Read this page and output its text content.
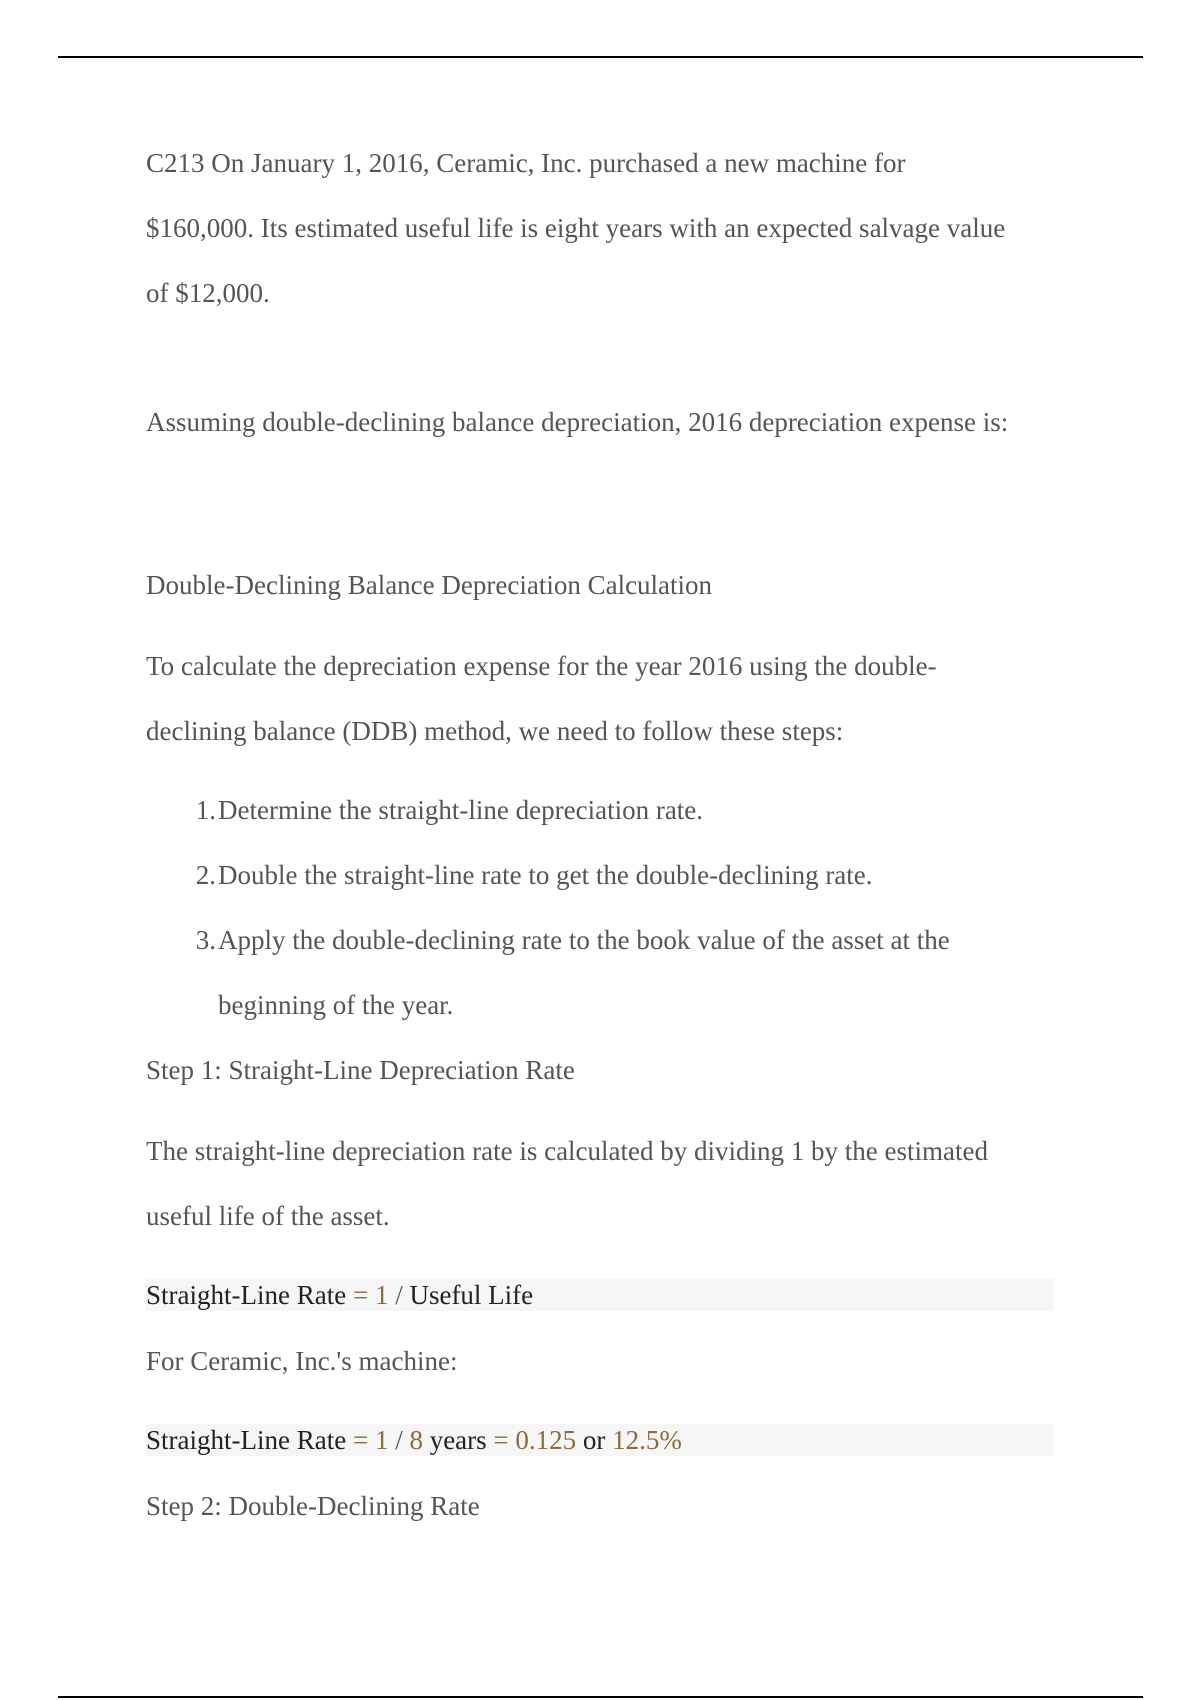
C213 On January 1, 2016, Ceramic, Inc. purchased a new machine for
$160,000. Its estimated useful life is eight years with an expected salvage value
of $12,000.
Assuming double-declining balance depreciation, 2016 depreciation expense is:
Double-Declining Balance Depreciation Calculation
To calculate the depreciation expense for the year 2016 using the double-
declining balance (DDB) method, we need to follow these steps:
1. Determine the straight-line depreciation rate.
2. Double the straight-line rate to get the double-declining rate.
3. Apply the double-declining rate to the book value of the asset at the
beginning of the year.
Step 1: Straight-Line Depreciation Rate
The straight-line depreciation rate is calculated by dividing 1 by the estimated
useful life of the asset.
Straight-Line Rate = 1 / Useful Life
For Ceramic, Inc.'s machine:
Straight-Line Rate = 1 / 8 years = 0.125 or 12.5%
Step 2: Double-Declining Rate
